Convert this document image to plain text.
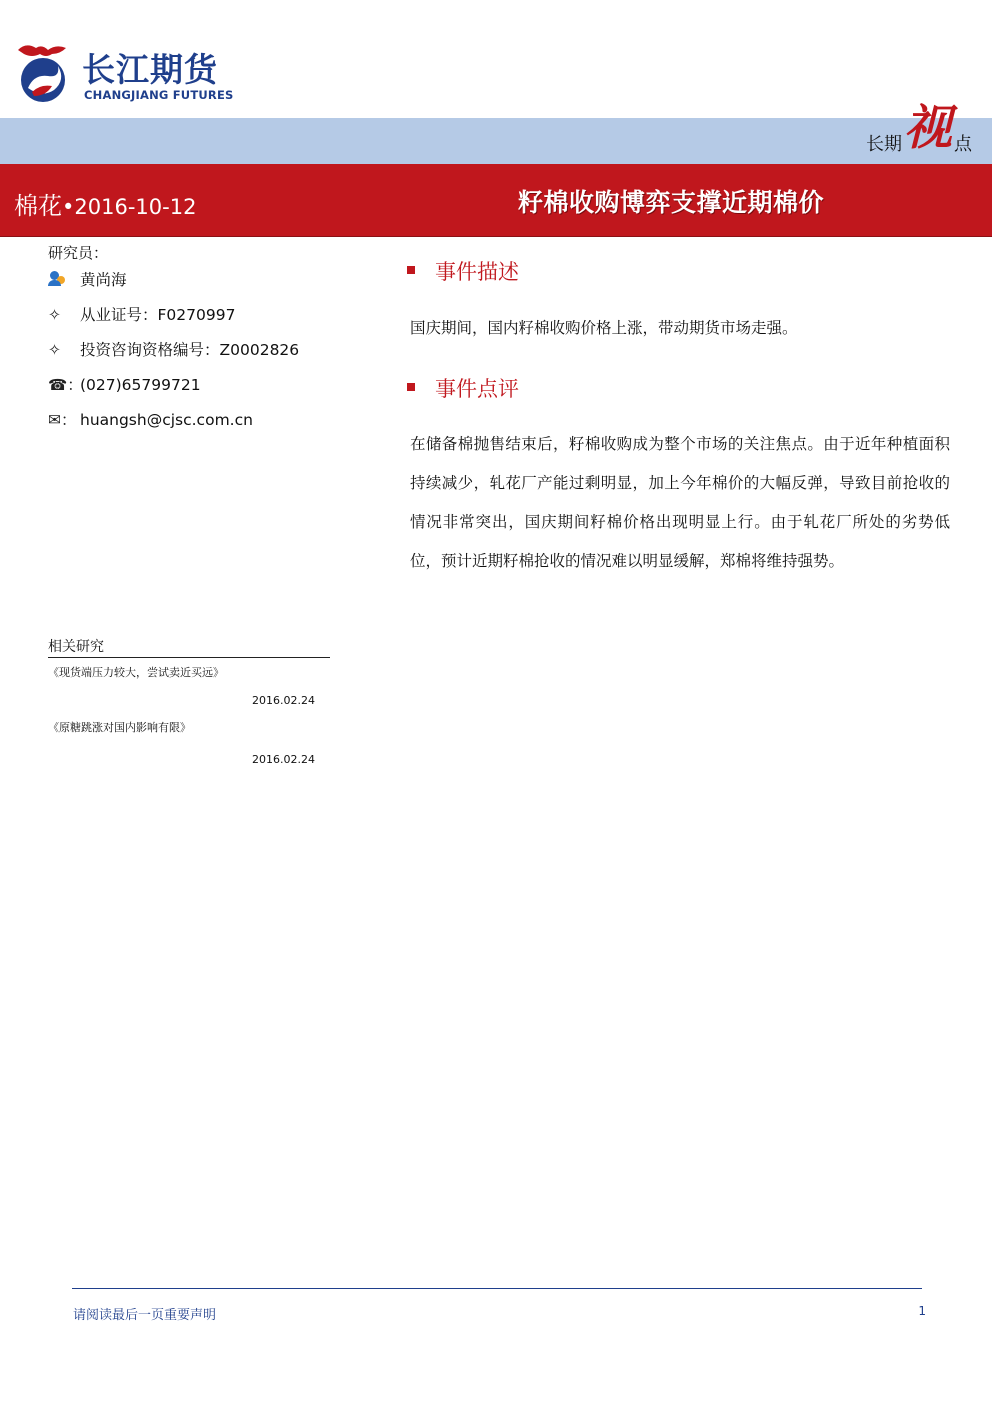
长江期货
CHANGJIANG FUTURES
长期视 点
棉花•2016-10-12	籽棉收购博弈支撑近期棉价
研究员：
黄尚海
✧ 从业证号：F0270997
✧ 投资咨询资格编号：Z0002826
☎：(027)65799721
✉： huangsh@cjsc.com.cn
相关研究
《现货端压力较大，尝试卖近买远》
2016.02.24
《原糖跳涨对国内影响有限》
2016.02.24
事件描述
国庆期间，国内籽棉收购价格上涨，带动期货市场走强。
事件点评
在储备棉抛售结束后，籽棉收购成为整个市场的关注焦点。由于近年种植面积持续减少，轧花厂产能过剩明显，加上今年棉价的大幅反弹，导致目前抢收的情况非常突出，国庆期间籽棉价格出现明显上行。由于轧花厂所处的劣势低位，预计近期籽棉抢收的情况难以明显缓解，郑棉将维持强势。
请阅读最后一页重要声明	1
